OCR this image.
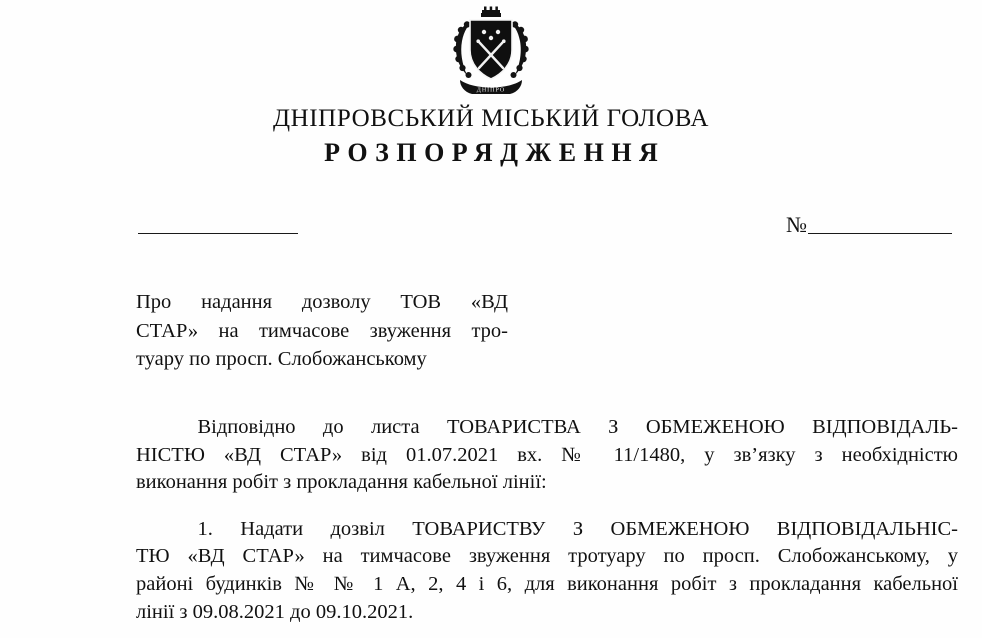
ДНІПРО
ДНІПРОВСЬКИЙ МІСЬКИЙ ГОЛОВА
РОЗПОРЯДЖЕННЯ
№
Про надання дозволу ТОВ «ВД
СТАР» на тимчасове звуження тро-
туару по просп. Слобожанському

   Відповідно до листа ТОВАРИСТВА З ОБМЕЖЕНОЮ ВІДПОВІДАЛЬ-
НІСТЮ «ВД СТАР» від 01.07.2021 вх. № 11/1480, у зв’язку з необхідністю
виконання робіт з прокладання кабельної лінії:

   1. Надати дозвіл ТОВАРИСТВУ З ОБМЕЖЕНОЮ ВІДПОВІДАЛЬНІС-
ТЮ «ВД СТАР» на тимчасове звуження тротуару по просп. Слобожанському, у
районі будинків № № 1 А, 2, 4 і 6, для виконання робіт з прокладання кабельної
лінії з 09.08.2021 до 09.10.2021.
